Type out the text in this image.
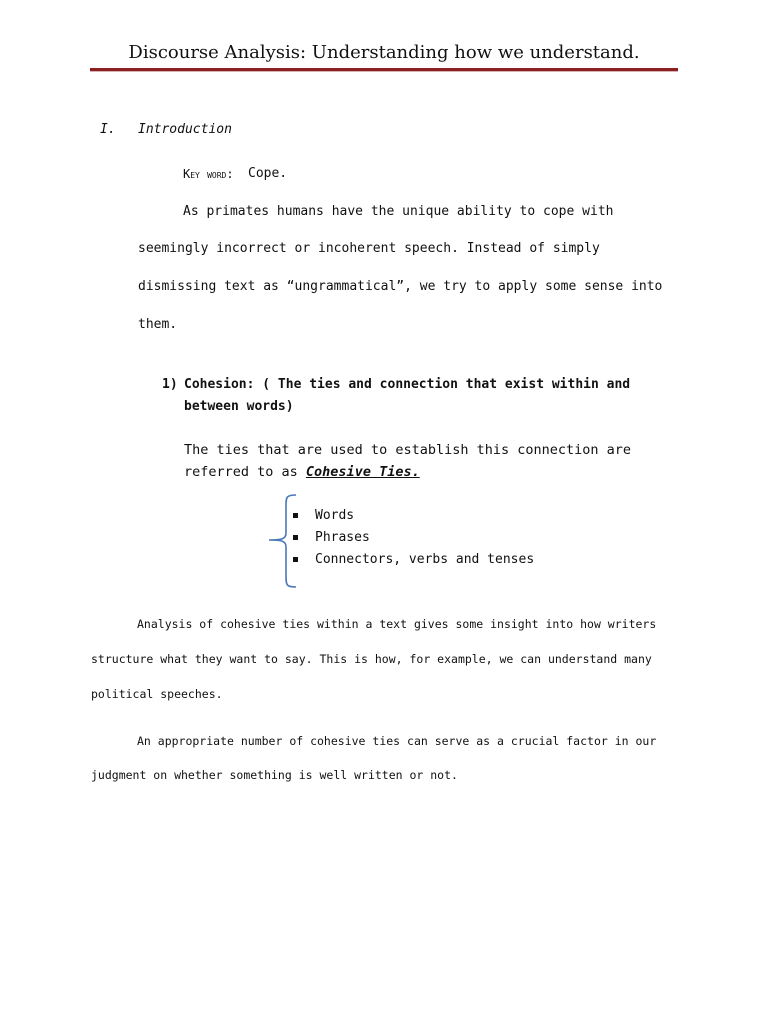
Discourse Analysis: Understanding how we understand.
I. Introduction
Key word: Cope.
As primates humans have the unique ability to cope with
seemingly incorrect or incoherent speech. Instead of simply
dismissing text as “ungrammatical”, we try to apply some sense into
them.
1) Cohesion: ( The ties and connection that exist within and
between words)
The ties that are used to establish this connection are
referred to as Cohesive Ties.
Words
Phrases
Connectors, verbs and tenses
Analysis of cohesive ties within a text gives some insight into how writers
structure what they want to say. This is how, for example, we can understand many
political speeches.
An appropriate number of cohesive ties can serve as a crucial factor in our
judgment on whether something is well written or not.
